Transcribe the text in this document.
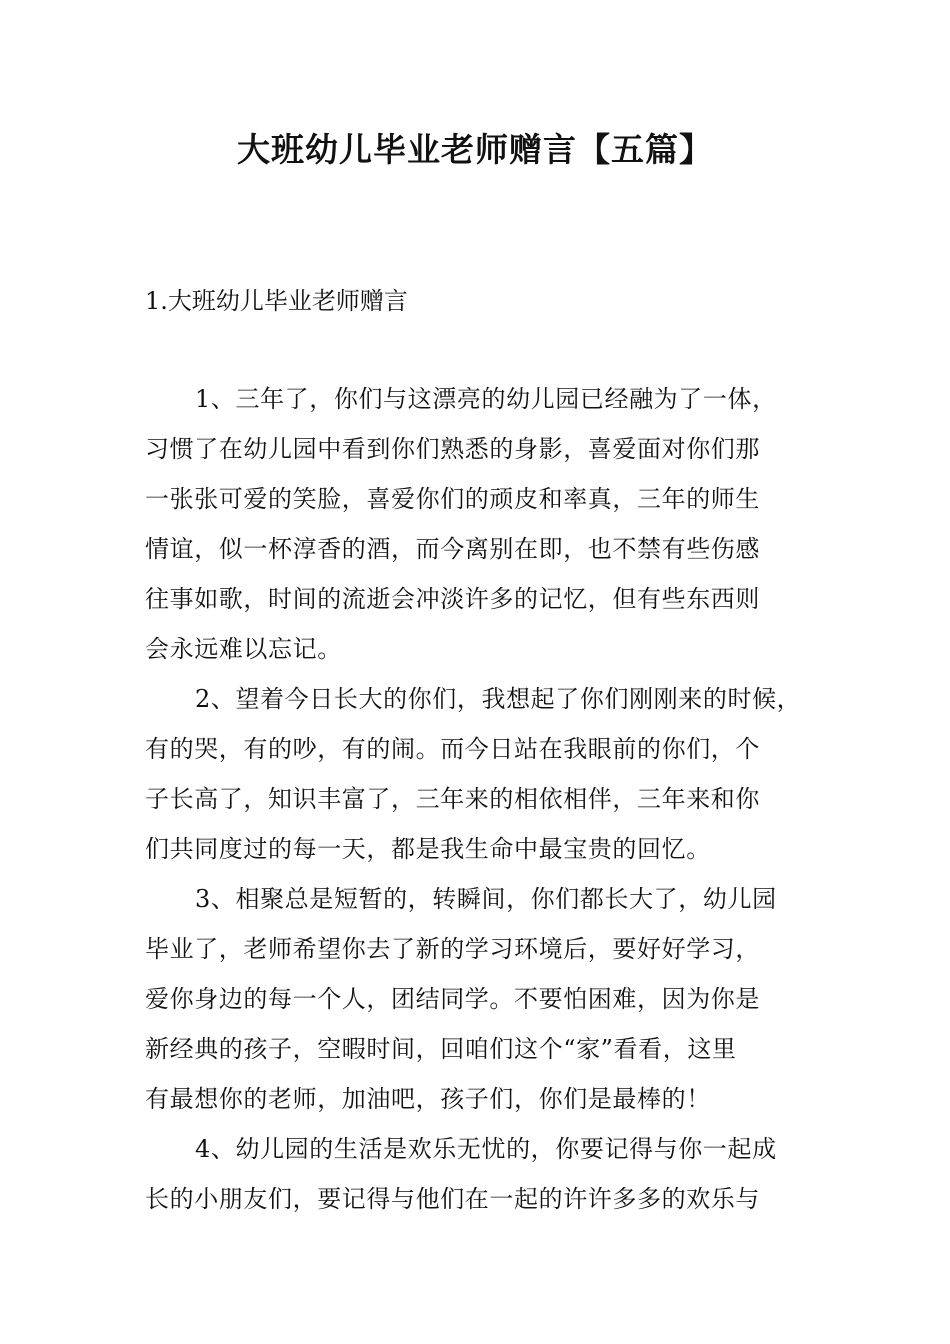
大班幼儿毕业老师赠言【五篇】
1.大班幼儿毕业老师赠言
1、三年了，你们与这漂亮的幼儿园已经融为了一体，
习惯了在幼儿园中看到你们熟悉的身影，喜爱面对你们那
一张张可爱的笑脸，喜爱你们的顽皮和率真，三年的师生
情谊，似一杯淳香的酒，而今离别在即，也不禁有些伤感
往事如歌，时间的流逝会冲淡许多的记忆，但有些东西则
会永远难以忘记。
2、望着今日长大的你们，我想起了你们刚刚来的时候，
有的哭，有的吵，有的闹。而今日站在我眼前的你们，个
子长高了，知识丰富了，三年来的相依相伴，三年来和你
们共同度过的每一天，都是我生命中最宝贵的回忆。
3、相聚总是短暂的，转瞬间，你们都长大了，幼儿园
毕业了，老师希望你去了新的学习环境后，要好好学习，
爱你身边的每一个人，团结同学。不要怕困难，因为你是
新经典的孩子，空暇时间，回咱们这个“家”看看，这里
有最想你的老师，加油吧，孩子们，你们是最棒的！
4、幼儿园的生活是欢乐无忧的，你要记得与你一起成
长的小朋友们，要记得与他们在一起的许许多多的欢乐与
